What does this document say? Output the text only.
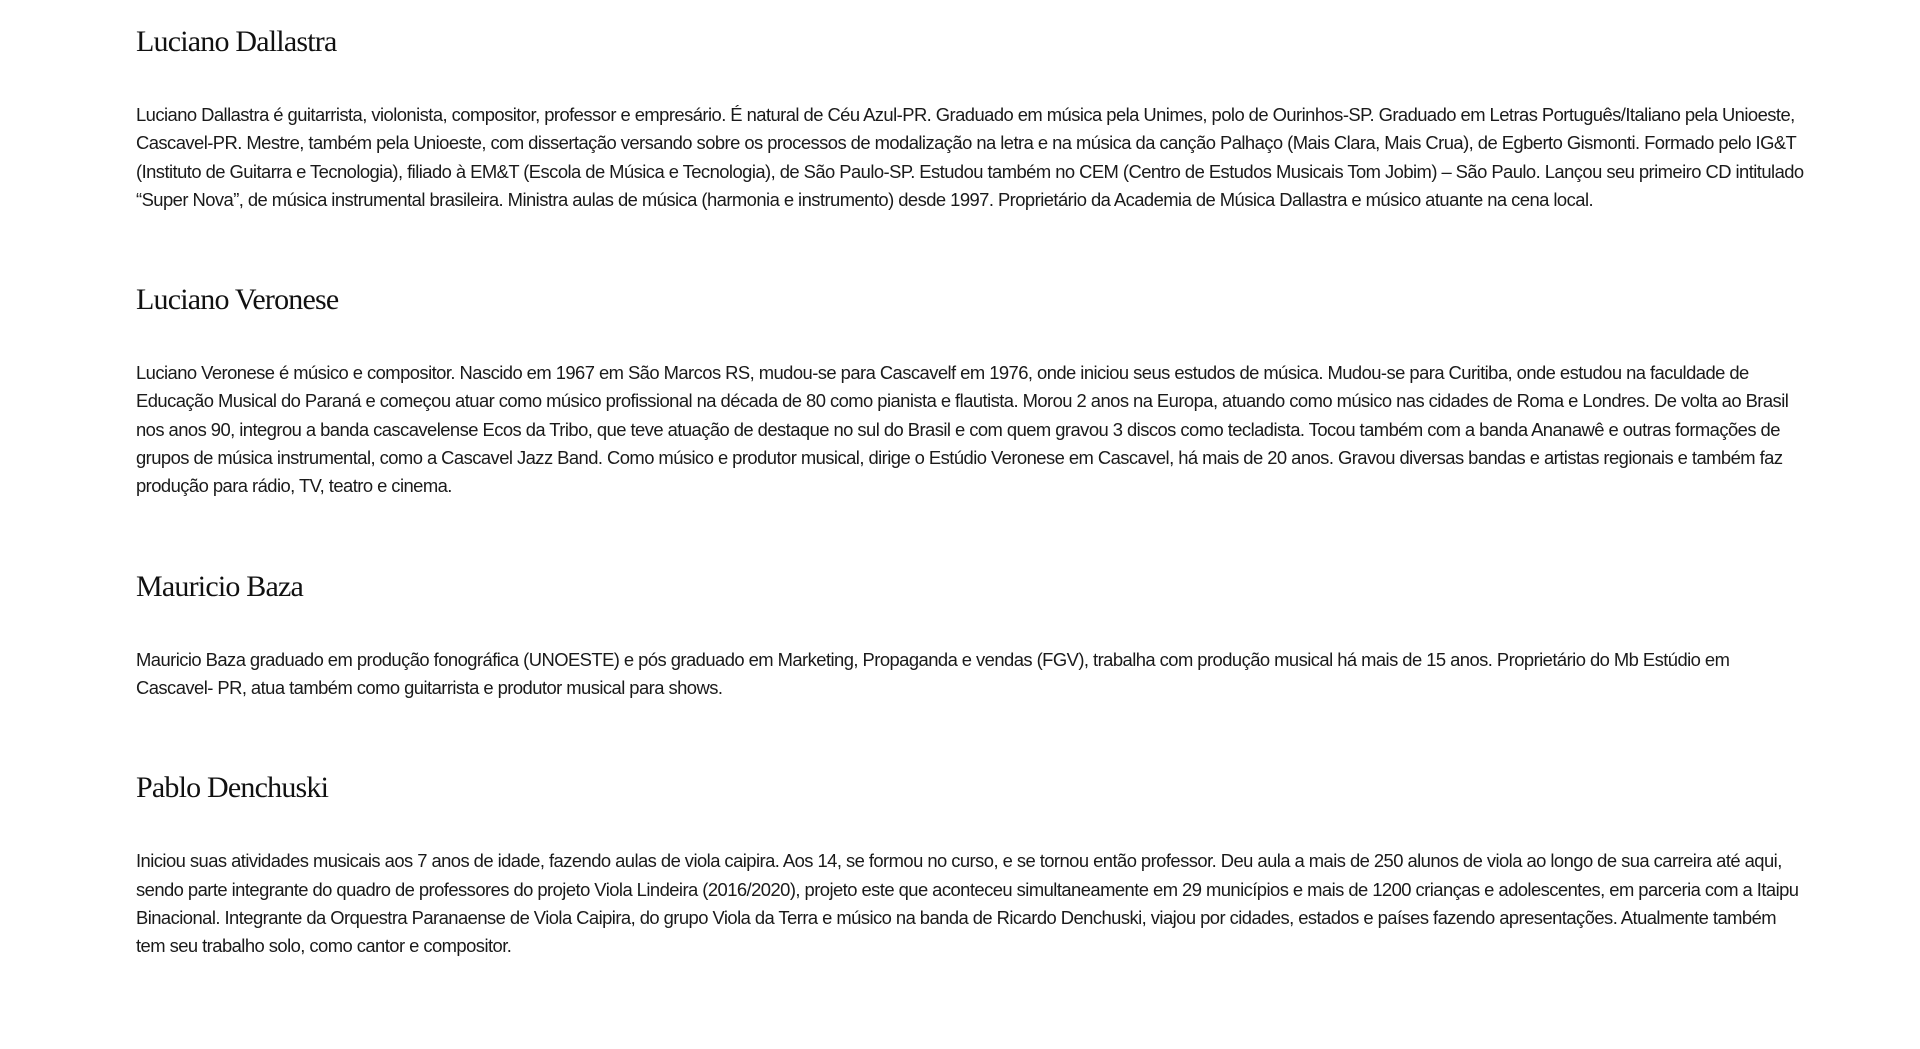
Luciano Dallastra

Luciano Dallastra é guitarrista, violonista, compositor, professor e empresário. É natural de Céu Azul-PR. Graduado em música pela Unimes, polo de Ourinhos-SP. Graduado em Letras Português/Italiano pela Unioeste, Cascavel-PR. Mestre, também pela Unioeste, com dissertação versando sobre os processos de modalização na letra e na música da canção Palhaço (Mais Clara, Mais Crua), de Egberto Gismonti. Formado pelo IG&T (Instituto de Guitarra e Tecnologia), filiado à EM&T (Escola de Música e Tecnologia), de São Paulo-SP. Estudou também no CEM (Centro de Estudos Musicais Tom Jobim) – São Paulo. Lançou seu primeiro CD intitulado “Super Nova”, de música instrumental brasileira. Ministra aulas de música (harmonia e instrumento) desde 1997. Proprietário da Academia de Música Dallastra e músico atuante na cena local.

Luciano Veronese

Luciano Veronese é músico e compositor. Nascido em 1967 em São Marcos RS, mudou-se para Cascavelf em 1976, onde iniciou seus estudos de música. Mudou-se para Curitiba, onde estudou na faculdade de Educação Musical do Paraná e começou atuar como músico profissional na década de 80 como pianista e flautista. Morou 2 anos na Europa, atuando como músico nas cidades de Roma e Londres. De volta ao Brasil nos anos 90, integrou a banda cascavelense Ecos da Tribo, que teve atuação de destaque no sul do Brasil e com quem gravou 3 discos como tecladista. Tocou também com a banda Ananawê e outras formações de grupos de música instrumental, como a Cascavel Jazz Band. Como músico e produtor musical, dirige o Estúdio Veronese em Cascavel, há mais de 20 anos. Gravou diversas bandas e artistas regionais e também faz produção para rádio, TV, teatro e cinema.

Mauricio Baza

Mauricio Baza graduado em produção fonográfica (UNOESTE) e pós graduado em Marketing, Propaganda e vendas (FGV), trabalha com produção musical há mais de 15 anos. Proprietário do Mb Estúdio em Cascavel- PR, atua também como guitarrista e produtor musical para shows.

Pablo Denchuski

Iniciou suas atividades musicais aos 7 anos de idade, fazendo aulas de viola caipira. Aos 14, se formou no curso, e se tornou então professor. Deu aula a mais de 250 alunos de viola ao longo de sua carreira até aqui, sendo parte integrante do quadro de professores do projeto Viola Lindeira (2016/2020), projeto este que aconteceu simultaneamente em 29 municípios e mais de 1200 crianças e adolescentes, em parceria com a Itaipu Binacional. Integrante da Orquestra Paranaense de Viola Caipira, do grupo Viola da Terra e músico na banda de Ricardo Denchuski, viajou por cidades, estados e países fazendo apresentações. Atualmente também tem seu trabalho solo, como cantor e compositor.
